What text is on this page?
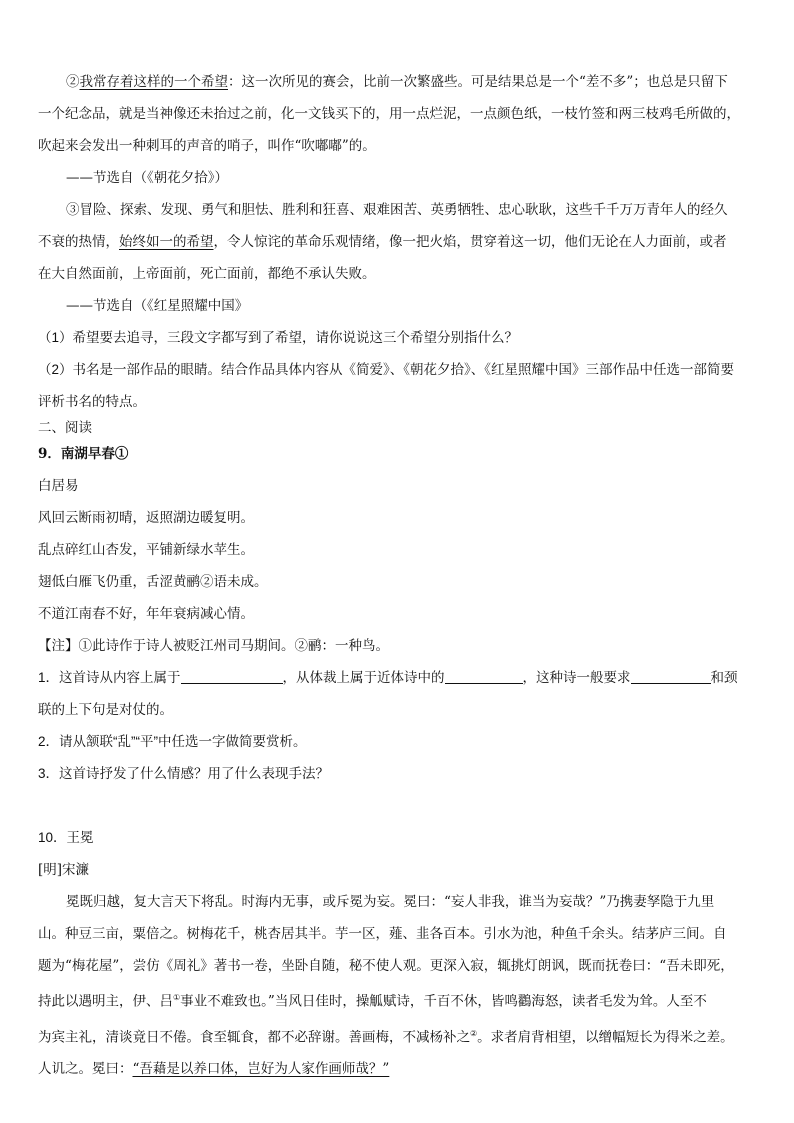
②我常存着这样的一个希望：这一次所见的赛会，比前一次繁盛些。可是结果总是一个“差不多”；也总是只留下

一个纪念品，就是当神像还未抬过之前，化一文钱买下的，用一点烂泥，一点颜色纸，一枝竹签和两三枝鸡毛所做的，

吹起来会发出一种刺耳的声音的哨子，叫作“吹嘟嘟”的。

——节选自（《朝花夕拾》）

③冒险、探索、发现、勇气和胆怯、胜利和狂喜、艰难困苦、英勇牺牲、忠心耿耿，这些千千万万青年人的经久

不衰的热情，始终如一的希望，令人惊诧的革命乐观情绪，像一把火焰，贯穿着这一切，他们无论在人力面前，或者

在大自然面前，上帝面前，死亡面前，都绝不承认失败。

——节选自（《红星照耀中国》

（1）希望要去追寻，三段文字都写到了希望，请你说说这三个希望分别指什么？

（2）书名是一部作品的眼睛。结合作品具体内容从《简爱》、《朝花夕拾》、《红星照耀中国》三部作品中任选一部简要

评析书名的特点。

二、阅读

9．南湖早春①

白居易

风回云断雨初晴，返照湖边暖复明。

乱点碎红山杏发，平铺新绿水苹生。

翅低白雁飞仍重，舌涩黄鹂②语未成。

不道江南春不好，年年衰病减心情。

【注】①此诗作于诗人被贬江州司马期间。②鹂：一种鸟。

1．这首诗从内容上属于	，从体裁上属于近体诗中的	，这种诗一般要求	和颈

联的上下句是对仗的。

2．请从颔联“乱”“平”中任选一字做简要赏析。

3．这首诗抒发了什么情感？用了什么表现手法？

10．王冕

[明]宋濂

冕既归越，复大言天下将乱。时海内无事，或斥冕为妄。冕曰：“妄人非我，谁当为妄哉？”乃携妻孥隐于九里

山。种豆三亩，粟倍之。树梅花千，桃杏居其半。芋一区，薤、韭各百本。引水为池，种鱼千余头。结茅庐三间。自

题为“梅花屋”，尝仿《周礼》著书一卷，坐卧自随，秘不使人观。更深入寂，辄挑灯朗讽，既而抚卷曰：“吾未即死，

持此以遇明主，伊、吕①事业不难致也。”当风日佳时，操觚赋诗，千百不休，皆鸣鸐海怒，读者毛发为耸。人至不

为宾主礼，清谈竟日不倦。食至辄食，都不必辞谢。善画梅，不减杨补之②。求者肩背相望，以缯幅短长为得米之差。

人讥之。冕曰：“吾藉是以养口体，岂好为人家作画师哉？”
